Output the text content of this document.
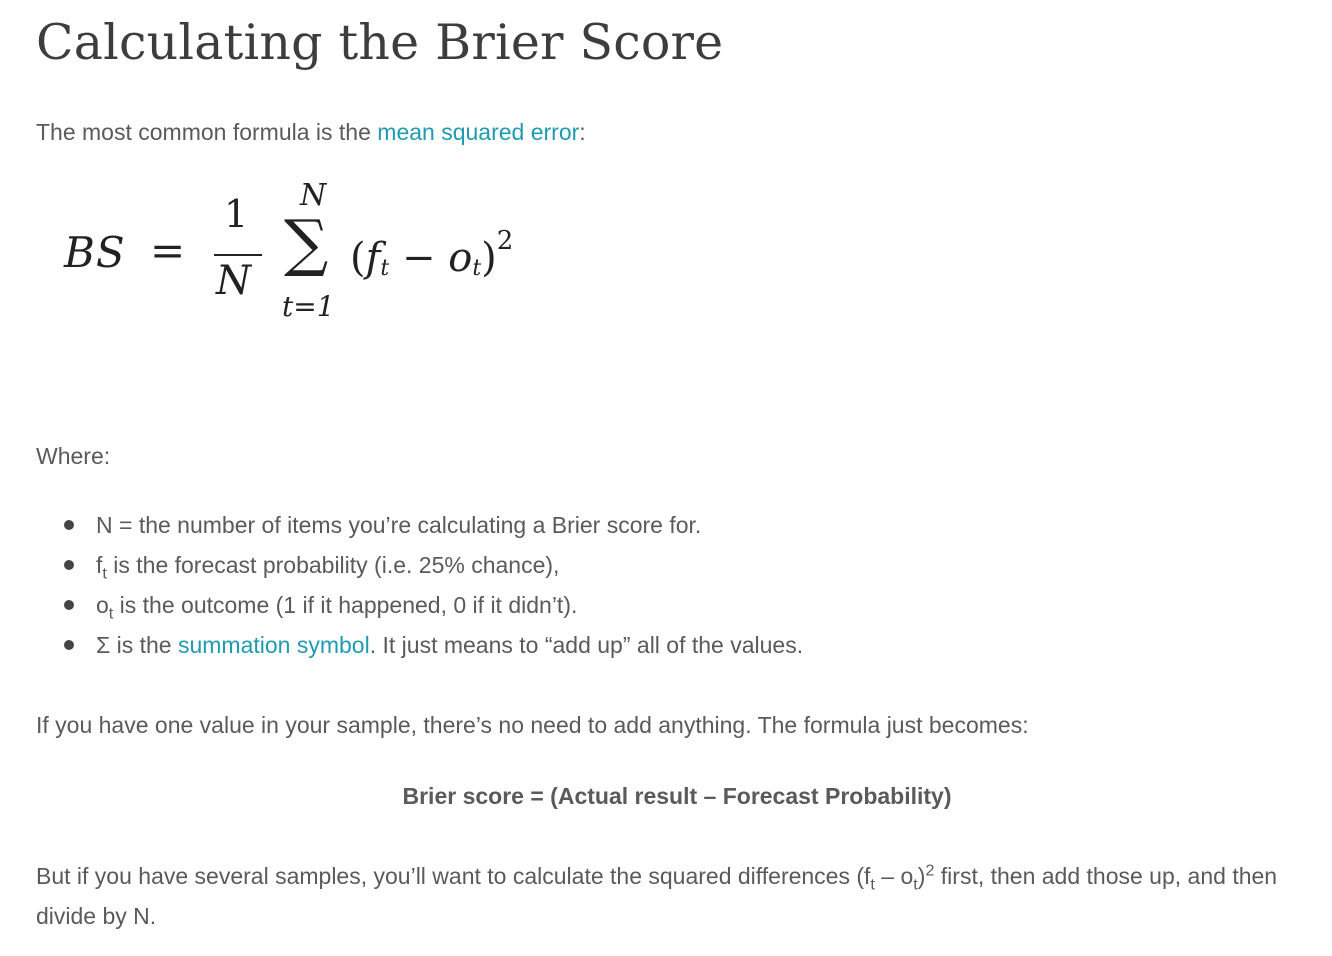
Calculating the Brier Score

The most common formula is the mean squared error:

BS =
1
N
N
∑
t=1
(ft − ot)$^2$

Where:

N = the number of items you’re calculating a Brier score for.
$f_t$ is the forecast probability (i.e. 25% chance),
$o_t$ is the outcome (1 if it happened, 0 if it didn’t).
Σ is the summation symbol. It just means to “add up” all of the values.

If you have one value in your sample, there’s no need to add anything. The formula just becomes:

Brier score = (Actual result – Forecast Probability)

But if you have several samples, you’ll want to calculate the squared differences $(f_t - o_t)^2$ first, then add those up, and then divide by N.
